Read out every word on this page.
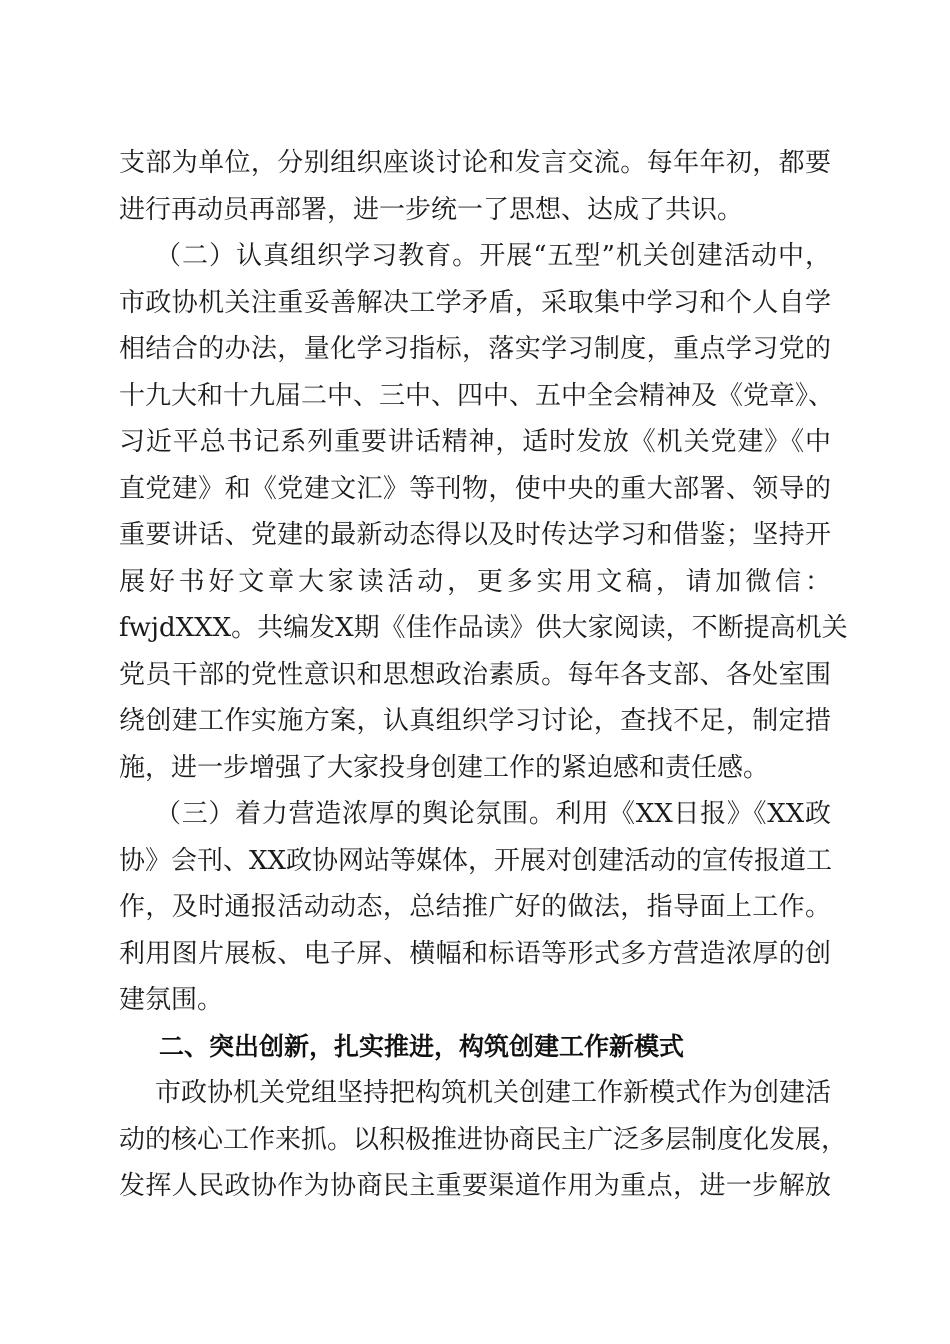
支部为单位，分别组织座谈讨论和发言交流。每年年初，都要
进行再动员再部署，进一步统一了思想、达成了共识。
（二）认真组织学习教育。开展“五型”机关创建活动中，
市政协机关注重妥善解决工学矛盾，采取集中学习和个人自学
相结合的办法，量化学习指标，落实学习制度，重点学习党的
十九大和十九届二中、三中、四中、五中全会精神及《党章》、
习近平总书记系列重要讲话精神，适时发放《机关党建》《中
直党建》和《党建文汇》等刊物，使中央的重大部署、领导的
重要讲话、党建的最新动态得以及时传达学习和借鉴；坚持开
展好书好文章大家读活动，更多实用文稿，请加微信：
fwjdXXX。共编发X期《佳作品读》供大家阅读，不断提高机关
党员干部的党性意识和思想政治素质。每年各支部、各处室围
绕创建工作实施方案，认真组织学习讨论，查找不足，制定措
施，进一步增强了大家投身创建工作的紧迫感和责任感。
（三）着力营造浓厚的舆论氛围。利用《XX日报》《XX政
协》会刊、XX政协网站等媒体，开展对创建活动的宣传报道工
作，及时通报活动动态，总结推广好的做法，指导面上工作。
利用图片展板、电子屏、横幅和标语等形式多方营造浓厚的创
建氛围。
二、突出创新，扎实推进，构筑创建工作新模式
市政协机关党组坚持把构筑机关创建工作新模式作为创建活
动的核心工作来抓。以积极推进协商民主广泛多层制度化发展，
发挥人民政协作为协商民主重要渠道作用为重点，进一步解放
